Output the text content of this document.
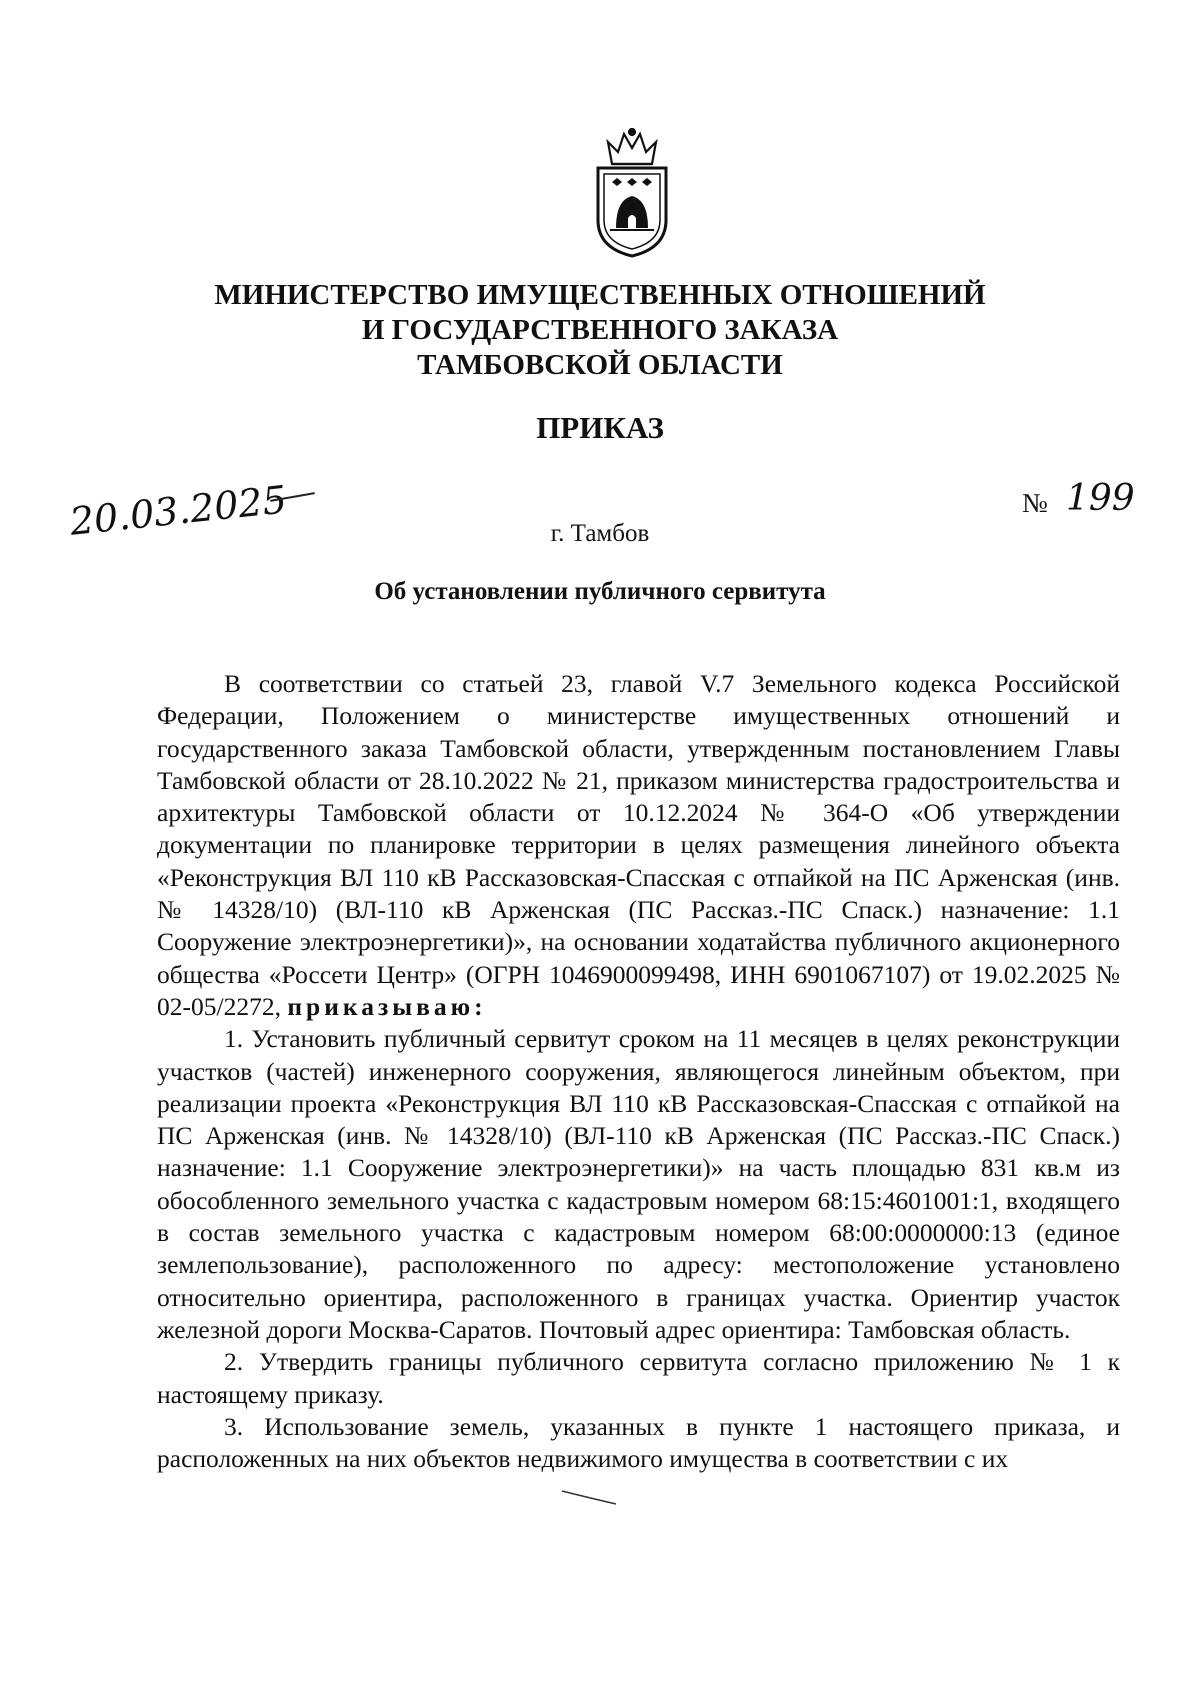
МИНИСТЕРСТВО ИМУЩЕСТВЕННЫХ ОТНОШЕНИЙ
И ГОСУДАРСТВЕННОГО ЗАКАЗА
ТАМБОВСКОЙ ОБЛАСТИ
ПРИКАЗ
20.03.2025	№ 199
г. Тамбов
Об установлении публичного сервитута

В соответствии со статьей 23, главой V.7 Земельного кодекса Российской Федерации, Положением о министерстве имущественных отношений и государственного заказа Тамбовской области, утвержденным постановлением Главы Тамбовской области от 28.10.2022 № 21, приказом министерства градостроительства и архитектуры Тамбовской области от 10.12.2024 № 364-О «Об утверждении документации по планировке территории в целях размещения линейного объекта «Реконструкция ВЛ 110 кВ Рассказовская-Спасская с отпайкой на ПС Арженская (инв. № 14328/10) (ВЛ-110 кВ Арженская (ПС Рассказ.-ПС Спаск.) назначение: 1.1 Сооружение электроэнергетики)», на основании ходатайства публичного акционерного общества «Россети Центр» (ОГРН 1046900099498, ИНН 6901067107) от 19.02.2025 № 02-05/2272, приказываю:

1. Установить публичный сервитут сроком на 11 месяцев в целях реконструкции участков (частей) инженерного сооружения, являющегося линейным объектом, при реализации проекта «Реконструкция ВЛ 110 кВ Рассказовская-Спасская с отпайкой на ПС Арженская (инв. № 14328/10) (ВЛ-110 кВ Арженская (ПС Рассказ.-ПС Спаск.) назначение: 1.1 Сооружение электроэнергетики)» на часть площадью 831 кв.м из обособленного земельного участка с кадастровым номером 68:15:4601001:1, входящего в состав земельного участка с кадастровым номером 68:00:0000000:13 (единое землепользование), расположенного по адресу: местоположение установлено относительно ориентира, расположенного в границах участка. Ориентир участок железной дороги Москва-Саратов. Почтовый адрес ориентира: Тамбовская область.

2. Утвердить границы публичного сервитута согласно приложению № 1 к настоящему приказу.

3. Использование земель, указанных в пункте 1 настоящего приказа, и расположенных на них объектов недвижимого имущества в соответствии с их
